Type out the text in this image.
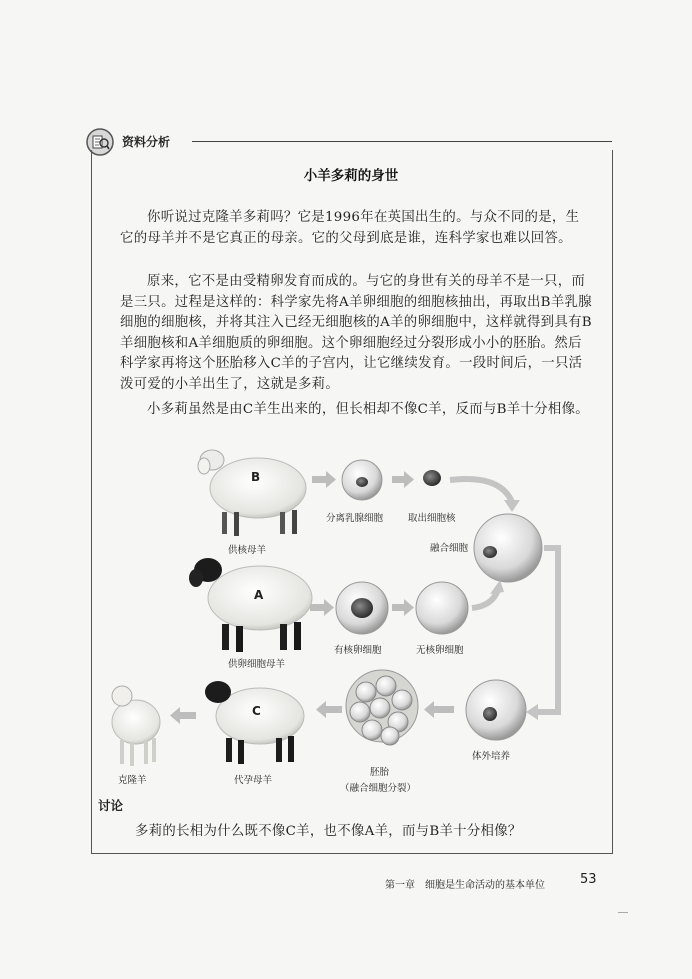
资料分析
小羊多莉的身世

你听说过克隆羊多莉吗？它是1996年在英国出生的。与众不同的是，生它的母羊并不是它真正的母亲。它的父母到底是谁，连科学家也难以回答。

原来，它不是由受精卵发育而成的。与它的身世有关的母羊不是一只，而是三只。过程是这样的：科学家先将A羊卵细胞的细胞核抽出，再取出B羊乳腺细胞的细胞核，并将其注入已经无细胞核的A羊的卵细胞中，这样就得到具有B羊细胞核和A羊细胞质的卵细胞。这个卵细胞经过分裂形成小小的胚胎。然后科学家再将这个胚胎移入C羊的子宫内，让它继续发育。一段时间后，一只活泼可爱的小羊出生了，这就是多莉。

小多莉虽然是由C羊生出来的，但长相却不像C羊，反而与B羊十分相像。

B
A
C
供核母羊
分离乳腺细胞	取出细胞核
融合细胞
供卵细胞母羊
有核卵细胞	无核卵细胞
克隆羊	代孕母羊
胚胎
（融合细胞分裂）
体外培养
讨论
多莉的长相为什么既不像C羊，也不像A羊，而与B羊十分相像？
第一章　细胞是生命活动的基本单位	53
